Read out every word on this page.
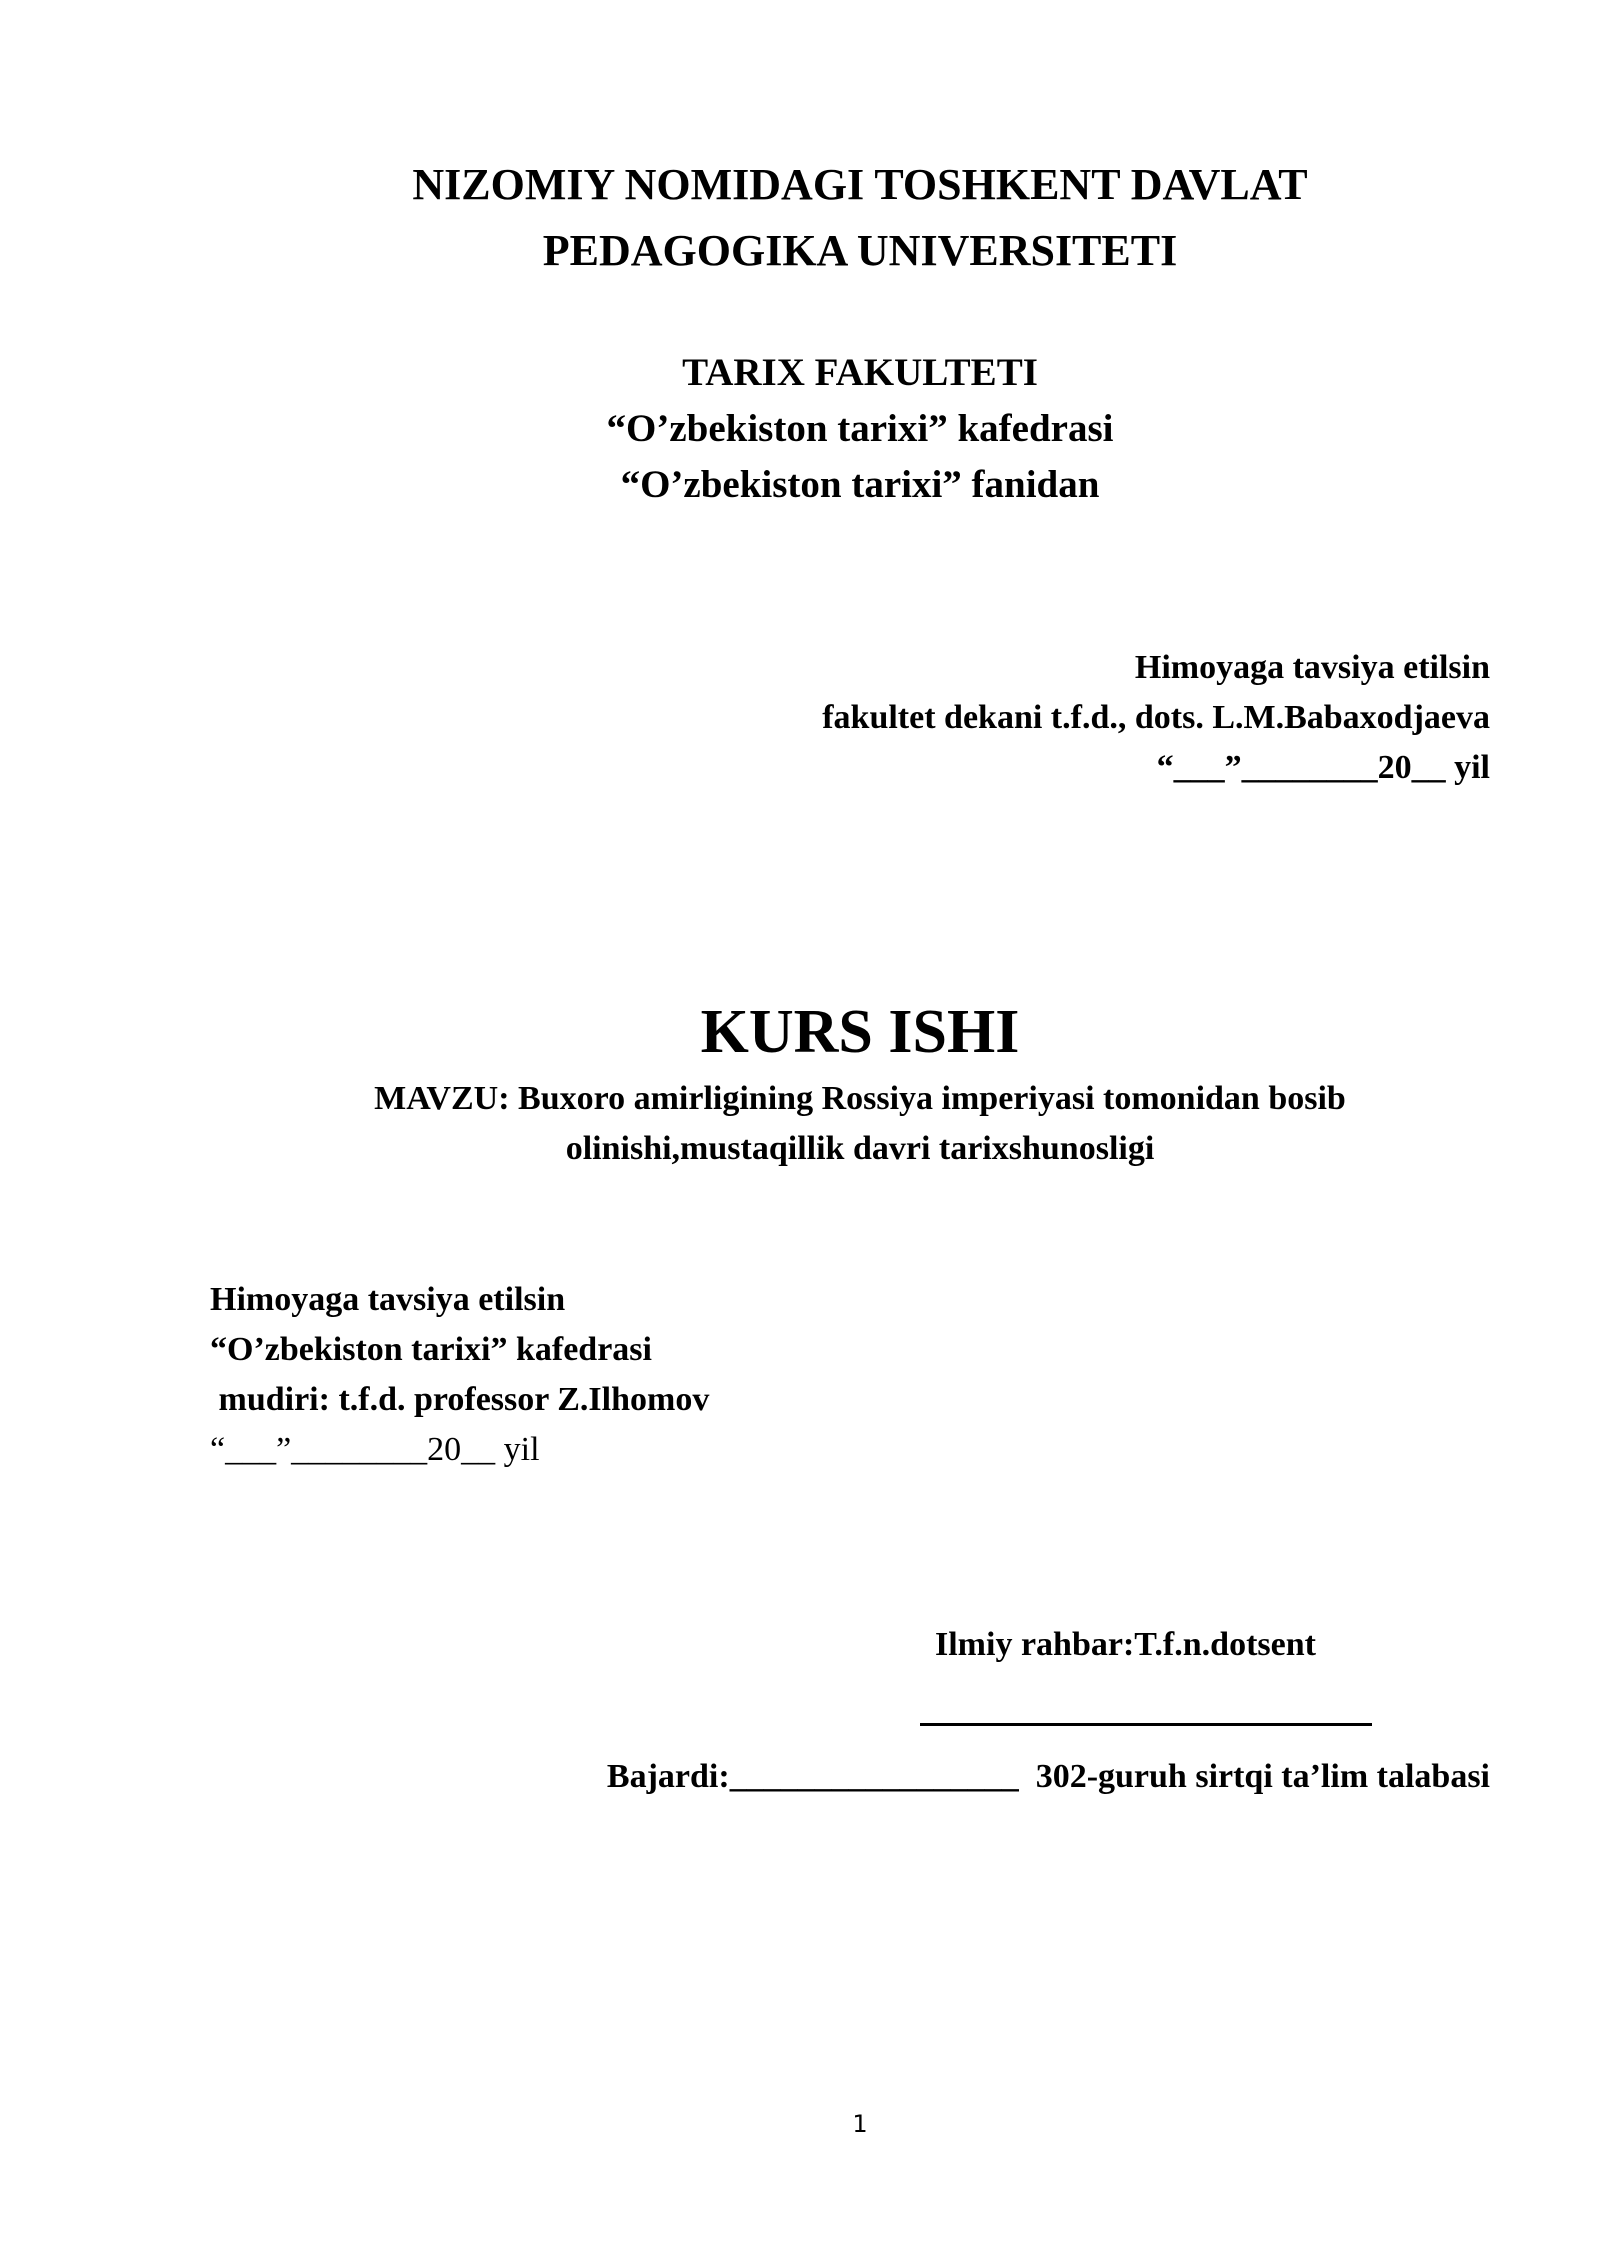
NIZOMIY NOMIDAGI TOSHKENT DAVLAT
PEDAGOGIKA UNIVERSITETI
TARIX FAKULTETI
“O’zbekiston tarixi” kafedrasi
“O’zbekiston tarixi” fanidan
Himoyaga tavsiya etilsin
fakultet dekani t.f.d., dots. L.M.Babaxodjaeva
“___”________20__ yil
KURS ISHI
MAVZU: Buxoro amirligining Rossiya imperiyasi tomonidan bosib
olinishi,mustaqillik davri tarixshunosligi
Himoyaga tavsiya etilsin
“O’zbekiston tarixi” kafedrasi
mudiri: t.f.d. professor Z.Ilhomov
“___”________20__ yil
Ilmiy rahbar:T.f.n.dotsent
Bajardi:_________________  302-guruh sirtqi ta’lim talabasi
1
